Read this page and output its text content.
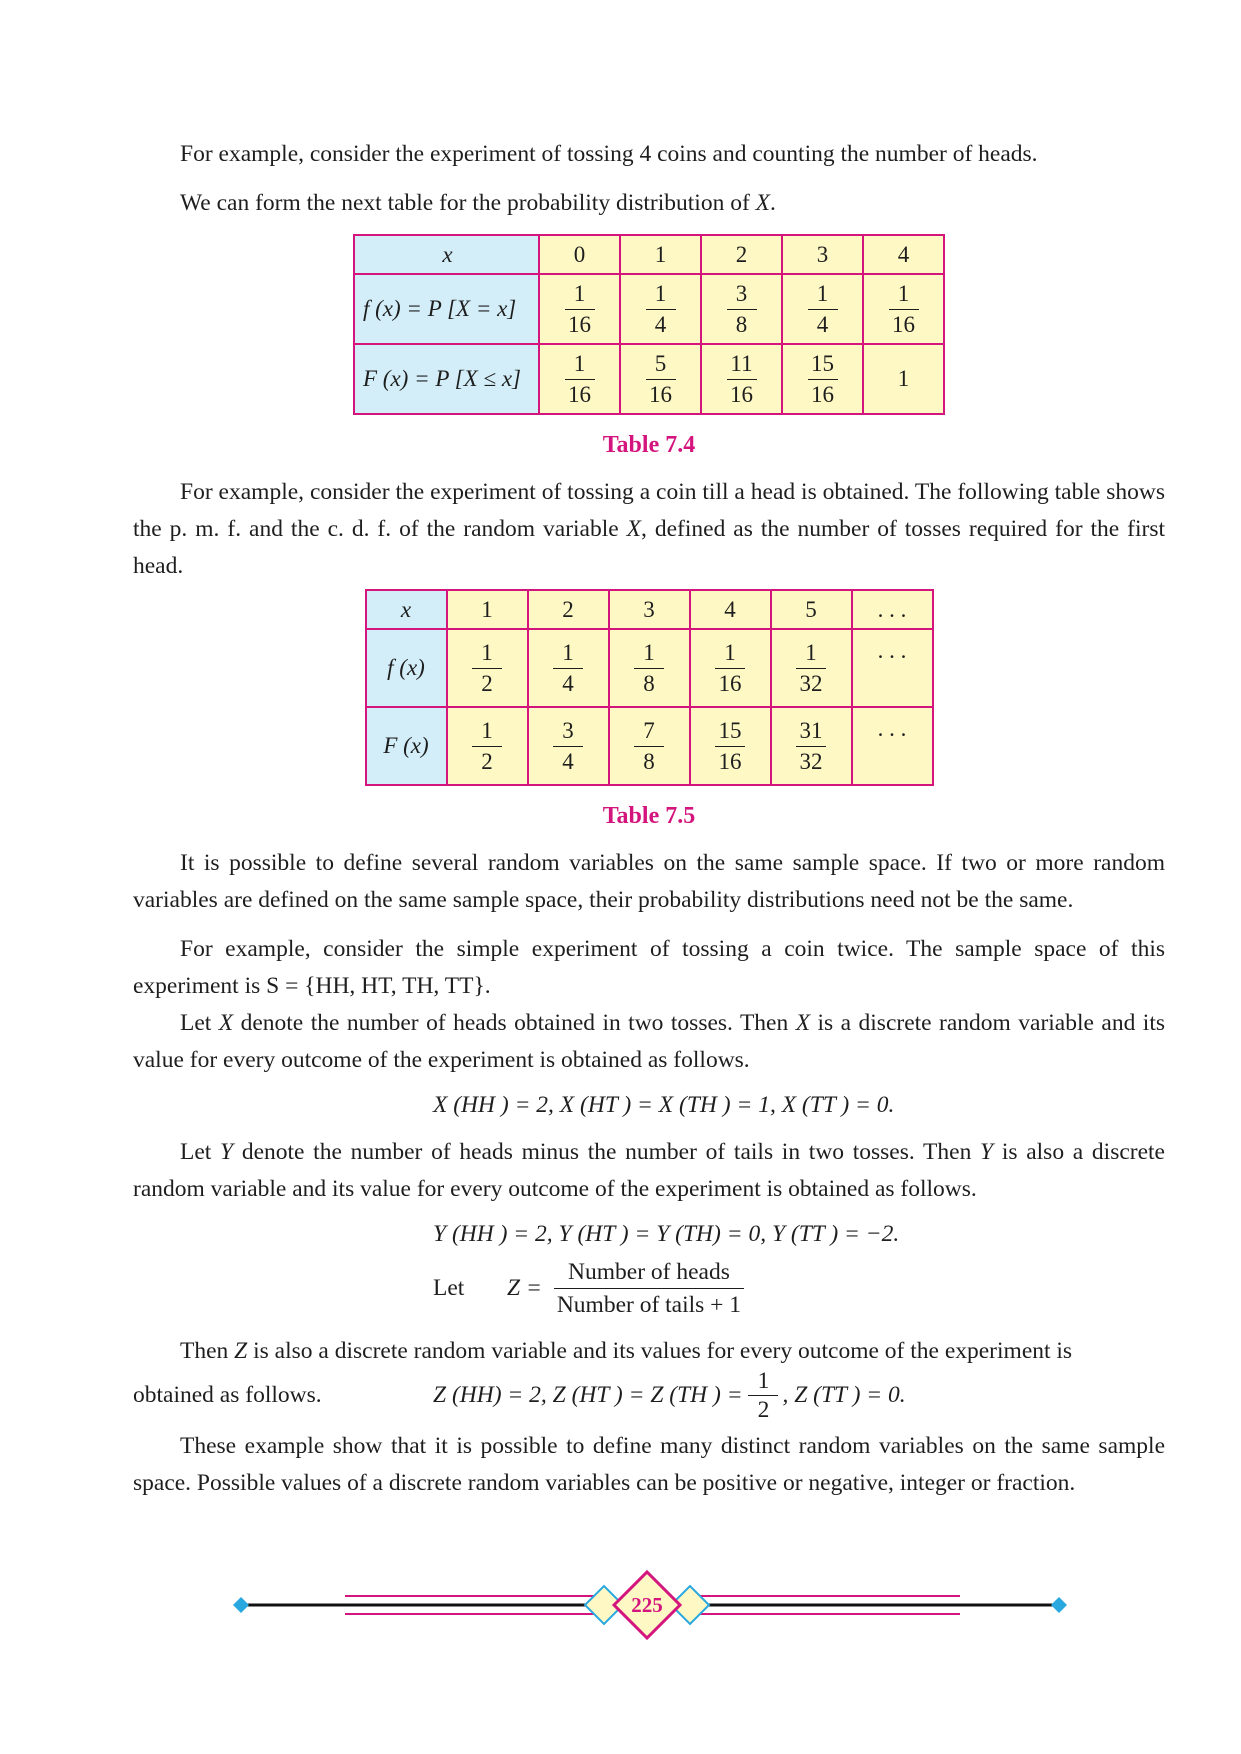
For example, consider the experiment of tossing 4 coins and counting the number of heads.

We can form the next table for the probability distribution of X.

x	0	1	2	3	4
f (x) = P [X = x]	$\frac{1}{16}$	$\frac{1}{4}$	$\frac{3}{8}$	$\frac{1}{4}$	$\frac{1}{16}$

F (x) = P [X ≤ x]	$\frac{1}{16}$	$\frac{5}{16}$	$\frac{11}{16}$	$\frac{15}{16}$	1
Table 7.4

For example, consider the experiment of tossing a coin till a head is obtained. The following table shows the p. m. f. and the c. d. f. of the random variable X, defined as the number of tosses required for the first head.

x	1	2	3	4	5	. . .
f (x)	$\frac{1}{2}$	$\frac{1}{4}$	$\frac{1}{8}$	$\frac{1}{16}$	$\frac{1}{32}$	. . .
F (x)	$\frac{1}{2}$	$\frac{3}{4}$	$\frac{7}{8}$	$\frac{15}{16}$	$\frac{31}{32}$	. . .
Table 7.5

It is possible to define several random variables on the same sample space. If two or more random variables are defined on the same sample space, their probability distributions need not be the same.

For example, consider the simple experiment of tossing a coin twice. The sample space of this experiment is S = {HH, HT, TH, TT}.

Let X denote the number of heads obtained in two tosses. Then X is a discrete random variable and its value for every outcome of the experiment is obtained as follows.

X (HH ) = 2, X (HT ) = X (TH ) = 1, X (TT ) = 0.

Let Y denote the number of heads minus the number of tails in two tosses. Then Y is also a discrete random variable and its value for every outcome of the experiment is obtained as follows.

Y (HH ) = 2, Y (HT ) = Y (TH) = 0, Y (TT ) = −2.
Let	$Z = \frac{\text{Number of heads}}{\text{Number of tails + 1}}$

Then Z is also a discrete random variable and its values for every outcome of the experiment is

obtained as follows.	Z (HH) = 2, Z (HT ) = Z (TH ) = $\frac{1}{2}$ , Z (TT ) = 0.

These example show that it is possible to define many distinct random variables on the same sample space. Possible values of a discrete random variables can be positive or negative, integer or fraction.

225
